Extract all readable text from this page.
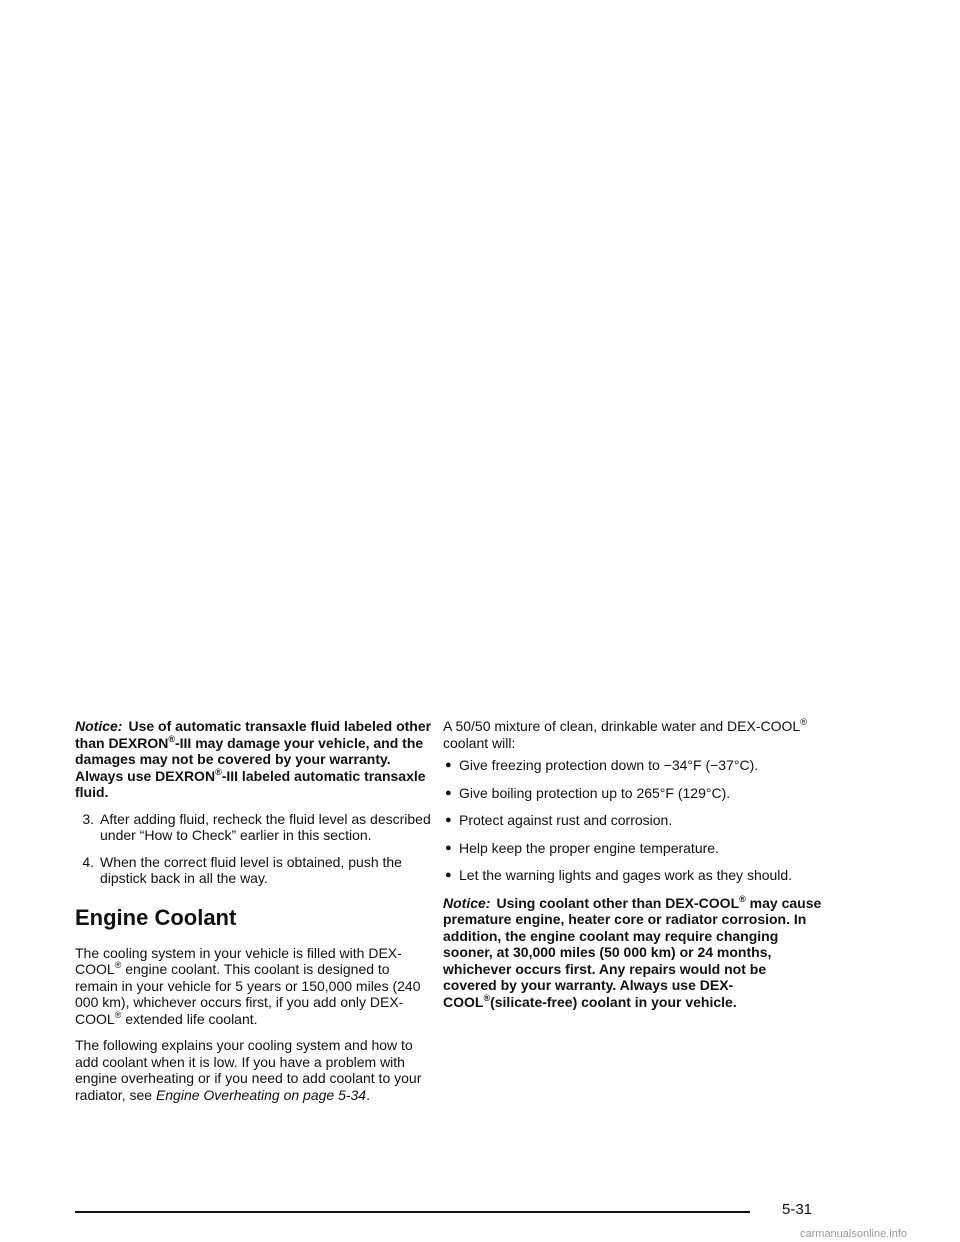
Notice: Use of automatic transaxle fluid labeled other than DEXRON®-III may damage your vehicle, and the damages may not be covered by your warranty. Always use DEXRON®-III labeled automatic transaxle fluid.

3. After adding fluid, recheck the fluid level as described under “How to Check” earlier in this section.
4. When the correct fluid level is obtained, push the dipstick back in all the way.
Engine Coolant

The cooling system in your vehicle is filled with DEX-COOL® engine coolant. This coolant is designed to remain in your vehicle for 5 years or 150,000 miles (240 000 km), whichever occurs first, if you add only DEX-COOL® extended life coolant.

The following explains your cooling system and how to add coolant when it is low. If you have a problem with engine overheating or if you need to add coolant to your radiator, see Engine Overheating on page 5-34.

A 50/50 mixture of clean, drinkable water and DEX-COOL® coolant will:

● Give freezing protection down to −34°F (−37°C).
● Give boiling protection up to 265°F (129°C).
● Protect against rust and corrosion.
● Help keep the proper engine temperature.
● Let the warning lights and gages work as they should.

Notice: Using coolant other than DEX-COOL® may cause premature engine, heater core or radiator corrosion. In addition, the engine coolant may require changing sooner, at 30,000 miles (50 000 km) or 24 months, whichever occurs first. Any repairs would not be covered by your warranty. Always use DEX-COOL®(silicate-free) coolant in your vehicle.

5-31
carmanualsonline.info
